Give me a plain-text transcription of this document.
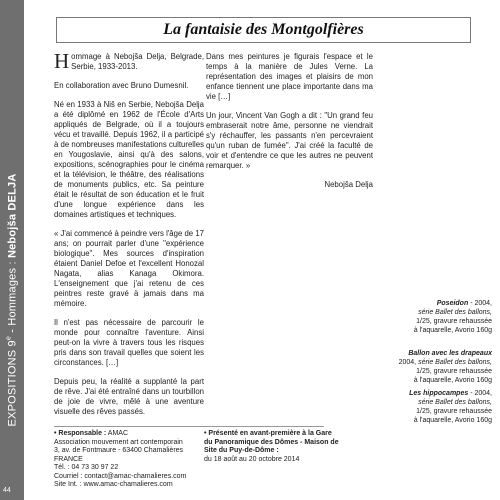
EXPOSITIONS 9e - Hommages : Nebojša DELJA
44
La fantaisie des Montgolfières

Hommage à Nebojša Delja, Belgrade, Serbie, 1933-2013.

En collaboration avec Bruno Dumesnil.

Né en 1933 à Niš en Serbie, Nebojša Delja a été diplômé en 1962 de l'École d'Arts appliqués de Belgrade, où il a toujours vécu et travaillé. Depuis 1962, il a participé à de nombreuses manifestations culturelles en Yougoslavie, ainsi qu'à des salons, expositions, scénographies pour le cinéma et la télévision, le théâtre, des réalisations de monuments publics, etc. Sa peinture était le résultat de son éducation et le fruit d'une longue expérience dans les domaines artistiques et techniques.

« J'ai commencé à peindre vers l'âge de 17 ans; on pourrait parler d'une "expérience biologique". Mes sources d'inspiration étaient Daniel Defoe et l'excellent Honozal Nagata, alias Kanaga Okimora. L'enseignement que j'ai retenu de ces peintres reste gravé à jamais dans ma mémoire.

Il n'est pas nécessaire de parcourir le monde pour connaître l'aventure. Ainsi peut-on la vivre à travers tous les risques pris dans son travail quelles que soient les circonstances. […]

Depuis peu, la réalité a supplanté la part de rêve. J'ai été entraîné dans un tourbillon de joie de vivre, mêlé à une aventure visuelle des rêves passés.

Dans mes peintures je figurais l'espace et le temps à la manière de Jules Verne. La représentation des images et plaisirs de mon enfance tiennent une place importante dans ma vie […]

Un jour, Vincent Van Gogh a dit : "Un grand feu embraserait notre âme, personne ne viendrait s'y réchauffer, les passants n'en percevraient qu'un ruban de fumée". J'ai créé la faculté de voir et d'entendre ce que les autres ne peuvent remarquer. »

Nebojša Delja

Poseidon - 2004,
série Ballet des ballons,
1/25, gravure rehaussée
à l'aquarelle, Avorio 160g
Ballon avec les drapeaux
2004, série Ballet des ballons,
1/25, gravure rehaussée
à l'aquarelle, Avorio 160g
Les hippocampes - 2004,
série Ballet des ballons,
1/25, gravure rehaussée
à l'aquarelle, Avorio 160g
• Responsable : AMAC
Association mouvement art contemporain
3, av. de Fontmaure - 63400 Chamalières
FRANCE
Tél. : 04 73 30 97 22
Courriel : contact@amac-chamalieres.com
Site Int. : www.amac-chamalieres.com
• Présenté en avant-première à la Gare du Panoramique des Dômes - Maison de Site du Puy-de-Dôme :
du 18 août au 20 octobre 2014
